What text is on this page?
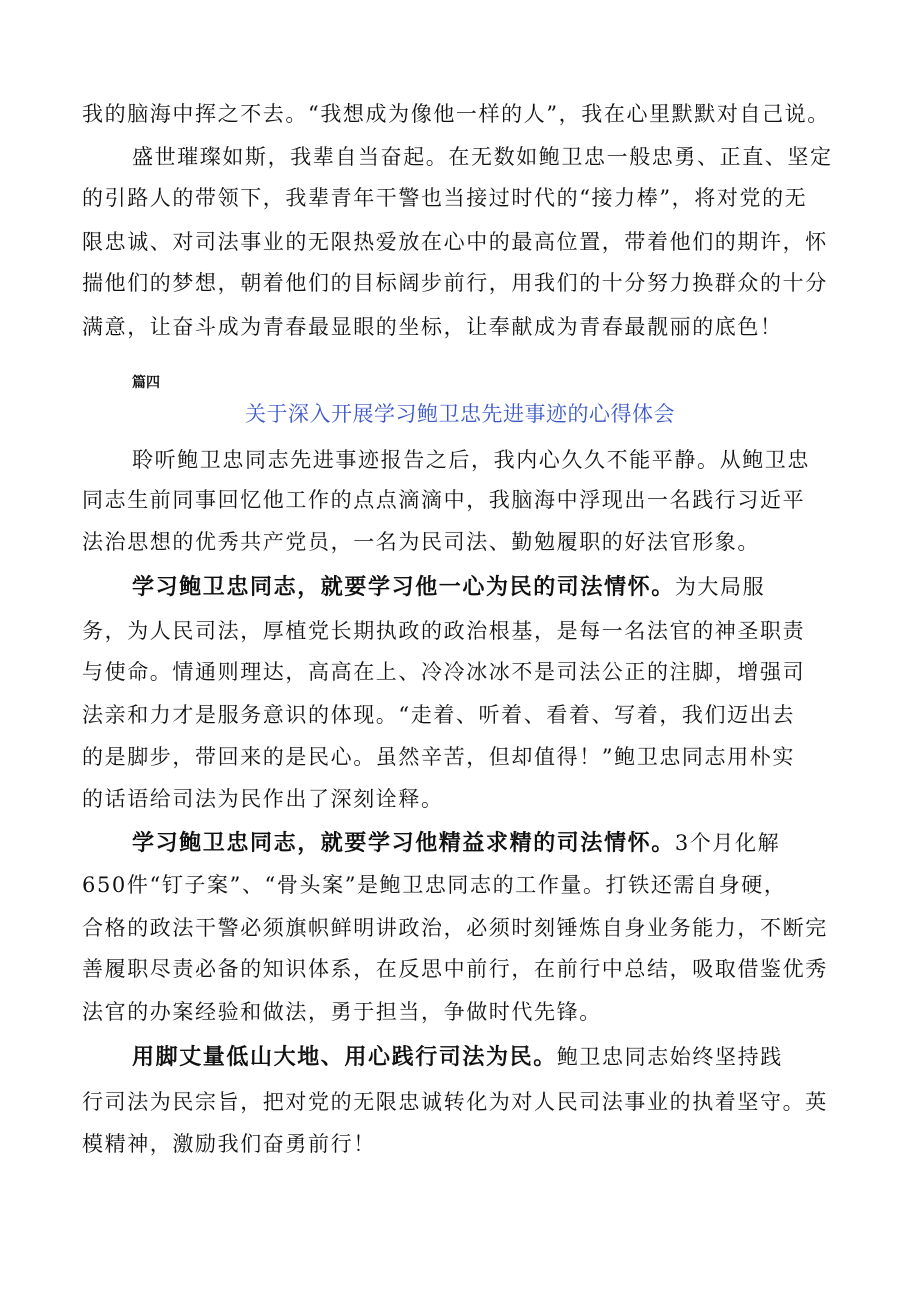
我的脑海中挥之不去。“我想成为像他一样的人”，我在心里默默对自己说。

盛世璀璨如斯，我辈自当奋起。在无数如鲍卫忠一般忠勇、正直、坚定

的引路人的带领下，我辈青年干警也当接过时代的“接力棒”，将对党的无

限忠诚、对司法事业的无限热爱放在心中的最高位置，带着他们的期许，怀

揣他们的梦想，朝着他们的目标阔步前行，用我们的十分努力换群众的十分

满意，让奋斗成为青春最显眼的坐标，让奉献成为青春最靓丽的底色！

篇四

关于深入开展学习鲍卫忠先进事迹的心得体会

聆听鲍卫忠同志先进事迹报告之后，我内心久久不能平静。从鲍卫忠

同志生前同事回忆他工作的点点滴滴中，我脑海中浮现出一名践行习近平

法治思想的优秀共产党员，一名为民司法、勤勉履职的好法官形象。

学习鲍卫忠同志，就要学习他一心为民的司法情怀。为大局服

务，为人民司法，厚植党长期执政的政治根基，是每一名法官的神圣职责

与使命。情通则理达，高高在上、冷冷冰冰不是司法公正的注脚，增强司

法亲和力才是服务意识的体现。“走着、听着、看着、写着，我们迈出去

的是脚步，带回来的是民心。虽然辛苦，但却值得！”鲍卫忠同志用朴实

的话语给司法为民作出了深刻诠释。

学习鲍卫忠同志，就要学习他精益求精的司法情怀。3个月化解

650件“钉子案”、“骨头案”是鲍卫忠同志的工作量。打铁还需自身硬，

合格的政法干警必须旗帜鲜明讲政治，必须时刻锤炼自身业务能力，不断完

善履职尽责必备的知识体系，在反思中前行，在前行中总结，吸取借鉴优秀

法官的办案经验和做法，勇于担当，争做时代先锋。

用脚丈量低山大地、用心践行司法为民。鲍卫忠同志始终坚持践

行司法为民宗旨，把对党的无限忠诚转化为对人民司法事业的执着坚守。英

模精神，激励我们奋勇前行！
